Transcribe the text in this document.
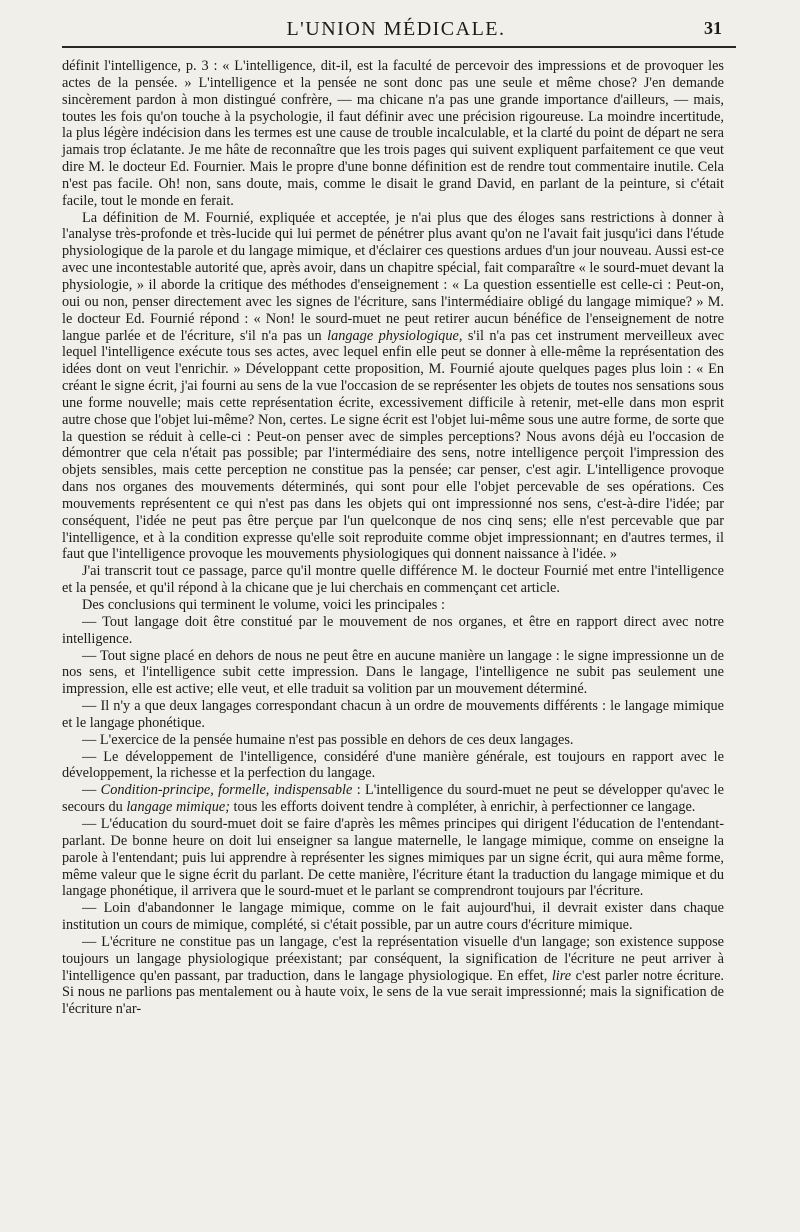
L'UNION MÉDICALE.	31

définit l'intelligence, p. 3 : « L'intelligence, dit-il, est la faculté de percevoir des impressions et de provoquer les actes de la pensée. » L'intelligence et la pensée ne sont donc pas une seule et même chose? J'en demande sincèrement pardon à mon distingué confrère, — ma chicane n'a pas une grande importance d'ailleurs, — mais, toutes les fois qu'on touche à la psychologie, il faut définir avec une précision rigoureuse. La moindre incertitude, la plus légère indécision dans les termes est une cause de trouble incalculable, et la clarté du point de départ ne sera jamais trop éclatante. Je me hâte de reconnaître que les trois pages qui suivent expliquent parfaitement ce que veut dire M. le docteur Ed. Fournier. Mais le propre d'une bonne définition est de rendre tout commentaire inutile. Cela n'est pas facile. Oh! non, sans doute, mais, comme le disait le grand David, en parlant de la peinture, si c'était facile, tout le monde en ferait.

La définition de M. Fournié, expliquée et acceptée, je n'ai plus que des éloges sans restrictions à donner à l'analyse très-profonde et très-lucide qui lui permet de pénétrer plus avant qu'on ne l'avait fait jusqu'ici dans l'étude physiologique de la parole et du langage mimique, et d'éclairer ces questions ardues d'un jour nouveau. Aussi est-ce avec une incontestable autorité que, après avoir, dans un chapitre spécial, fait comparaître « le sourd-muet devant la physiologie, » il aborde la critique des méthodes d'enseignement : « La question essentielle est celle-ci : Peut-on, oui ou non, penser directement avec les signes de l'écriture, sans l'intermédiaire obligé du langage mimique? » M. le docteur Ed. Fournié répond : « Non! le sourd-muet ne peut retirer aucun bénéfice de l'enseignement de notre langue parlée et de l'écriture, s'il n'a pas un langage physiologique, s'il n'a pas cet instrument merveilleux avec lequel l'intelligence exécute tous ses actes, avec lequel enfin elle peut se donner à elle-même la représentation des idées dont on veut l'enrichir. » Développant cette proposition, M. Fournié ajoute quelques pages plus loin : « En créant le signe écrit, j'ai fourni au sens de la vue l'occasion de se représenter les objets de toutes nos sensations sous une forme nouvelle; mais cette représentation écrite, excessivement difficile à retenir, met-elle dans mon esprit autre chose que l'objet lui-même? Non, certes. Le signe écrit est l'objet lui-même sous une autre forme, de sorte que la question se réduit à celle-ci : Peut-on penser avec de simples perceptions? Nous avons déjà eu l'occasion de démontrer que cela n'était pas possible; par l'intermédiaire des sens, notre intelligence perçoit l'impression des objets sensibles, mais cette perception ne constitue pas la pensée; car penser, c'est agir. L'intelligence provoque dans nos organes des mouvements déterminés, qui sont pour elle l'objet percevable de ses opérations. Ces mouvements représentent ce qui n'est pas dans les objets qui ont impressionné nos sens, c'est-à-dire l'idée; par conséquent, l'idée ne peut pas être perçue par l'un quelconque de nos cinq sens; elle n'est percevable que par l'intelligence, et à la condition expresse qu'elle soit reproduite comme objet impressionnant; en d'autres termes, il faut que l'intelligence provoque les mouvements physiologiques qui donnent naissance à l'idée. »

J'ai transcrit tout ce passage, parce qu'il montre quelle différence M. le docteur Fournié met entre l'intelligence et la pensée, et qu'il répond à la chicane que je lui cherchais en commençant cet article.

Des conclusions qui terminent le volume, voici les principales :

— Tout langage doit être constitué par le mouvement de nos organes, et être en rapport direct avec notre intelligence.

— Tout signe placé en dehors de nous ne peut être en aucune manière un langage : le signe impressionne un de nos sens, et l'intelligence subit cette impression. Dans le langage, l'intelligence ne subit pas seulement une impression, elle est active; elle veut, et elle traduit sa volition par un mouvement déterminé.

— Il n'y a que deux langages correspondant chacun à un ordre de mouvements différents : le langage mimique et le langage phonétique.

— L'exercice de la pensée humaine n'est pas possible en dehors de ces deux langages.

— Le développement de l'intelligence, considéré d'une manière générale, est toujours en rapport avec le développement, la richesse et la perfection du langage.

— Condition-principe, formelle, indispensable : L'intelligence du sourd-muet ne peut se développer qu'avec le secours du langage mimique; tous les efforts doivent tendre à compléter, à enrichir, à perfectionner ce langage.

— L'éducation du sourd-muet doit se faire d'après les mêmes principes qui dirigent l'éducation de l'entendant-parlant. De bonne heure on doit lui enseigner sa langue maternelle, le langage mimique, comme on enseigne la parole à l'entendant; puis lui apprendre à représenter les signes mimiques par un signe écrit, qui aura même forme, même valeur que le signe écrit du parlant. De cette manière, l'écriture étant la traduction du langage mimique et du langage phonétique, il arrivera que le sourd-muet et le parlant se comprendront toujours par l'écriture.

— Loin d'abandonner le langage mimique, comme on le fait aujourd'hui, il devrait exister dans chaque institution un cours de mimique, complété, si c'était possible, par un autre cours d'écriture mimique.

— L'écriture ne constitue pas un langage, c'est la représentation visuelle d'un langage; son existence suppose toujours un langage physiologique préexistant; par conséquent, la signification de l'écriture ne peut arriver à l'intelligence qu'en passant, par traduction, dans le langage physiologique. En effet, lire c'est parler notre écriture. Si nous ne parlions pas mentalement ou à haute voix, le sens de la vue serait impressionné; mais la signification de l'écriture n'ar-
